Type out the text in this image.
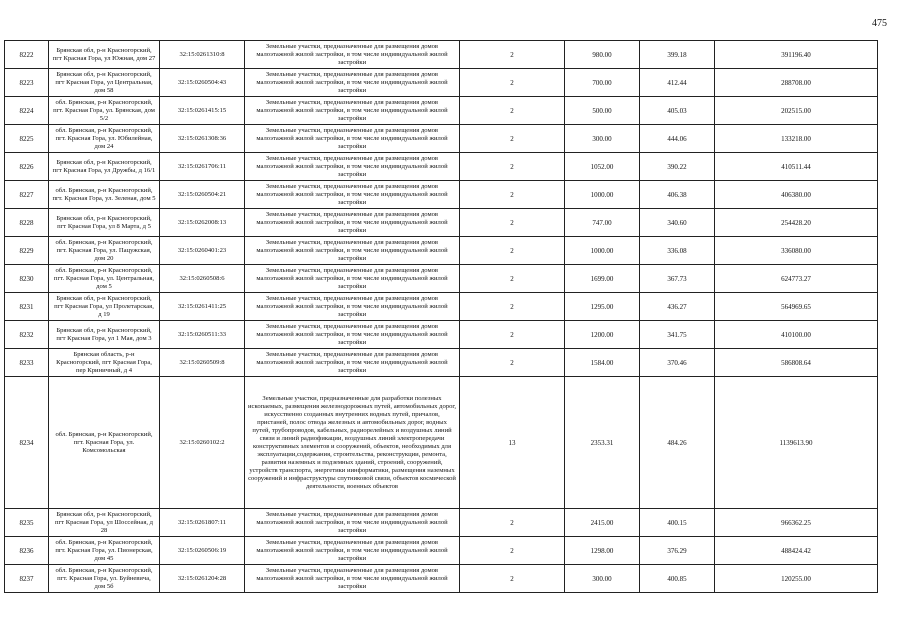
475
8222	Брянская обл, р-н Красногорский, пгт Красная Гора, ул Южная, дом 27	32:15:0261310:8	Земельные участки, предназначенные для размещения домов малоэтажной жилой застройки, в том числе индивидуальной жилой застройки	2	980.00	399.18	391196.40
8223	Брянская обл, р-н Красногорский, пгт Красная Гора, ул Центральная, дом 58	32:15:0260504:43	Земельные участки, предназначенные для размещения домов малоэтажной жилой застройки, в том числе индивидуальной жилой застройки	2	700.00	412.44	288708.00
8224	обл. Брянская, р-н Красногорский, пгт. Красная Гора, ул. Брянская, дом 5/2	32:15:0261415:15	Земельные участки, предназначенные для размещения домов малоэтажной жилой застройки, в том числе индивидуальной жилой застройки	2	500.00	405.03	202515.00
8225	обл. Брянская, р-н Красногорский, пгт. Красная Гора, ул. Юбилейная, дом 24	32:15:0261308:36	Земельные участки, предназначенные для размещения домов малоэтажной жилой застройки, в том числе индивидуальной жилой застройки	2	300.00	444.06	133218.00
8226	Брянская обл, р-н Красногорский, пгт Красная Гора, ул Дружбы, д 16/1	32:15:0261706:11	Земельные участки, предназначенные для размещения домов малоэтажной жилой застройки, в том числе индивидуальной жилой застройки	2	1052.00	390.22	410511.44
8227	обл. Брянская, р-н Красногорский, пгт. Красная Гора, ул. Зеленая, дом 5	32:15:0260504:21	Земельные участки, предназначенные для размещения домов малоэтажной жилой застройки, в том числе индивидуальной жилой застройки	2	1000.00	406.38	406380.00
8228	Брянская обл, р-н Красногорский, пгт Красная Гора, ул 8 Марта, д 5	32:15:0262008:13	Земельные участки, предназначенные для размещения домов малоэтажной жилой застройки, в том числе индивидуальной жилой застройки	2	747.00	340.60	254428.20
8229	обл. Брянская, р-н Красногорский, пгт. Красная Гора, ул. Пацужская, дом 20	32:15:0260401:23	Земельные участки, предназначенные для размещения домов малоэтажной жилой застройки, в том числе индивидуальной жилой застройки	2	1000.00	336.08	336080.00
8230	обл. Брянская, р-н Красногорский, пгт. Красная Гора, ул. Центральная, дом 5	32:15:0260508:6	Земельные участки, предназначенные для размещения домов малоэтажной жилой застройки, в том числе индивидуальной жилой застройки	2	1699.00	367.73	624773.27
8231	Брянская обл, р-н Красногорский, пгт Красная Гора, ул Пролетарская, д 19	32:15:0261411:25	Земельные участки, предназначенные для размещения домов малоэтажной жилой застройки, в том числе индивидуальной жилой застройки	2	1295.00	436.27	564969.65
8232	Брянская обл, р-н Красногорский, пгт Красная Гора, ул 1 Мая, дом 3	32:15:0260511:33	Земельные участки, предназначенные для размещения домов малоэтажной жилой застройки, в том числе индивидуальной жилой застройки	2	1200.00	341.75	410100.00
8233	Брянская область, р-н Красногорский, пгт Красная Гора, пер Криничный, д 4	32:15:0260509:8	Земельные участки, предназначенные для размещения домов малоэтажной жилой застройки, в том числе индивидуальной жилой застройки	2	1584.00	370.46	586808.64
8234	обл. Брянская, р-н Красногорский, пгт. Красная Гора, ул. Комсомольская	32:15:0260102:2	Земельные участки, предназначенные для разработки полезных ископаемых, размещения железнодорожных путей, автомобильных дорог, искусственно созданных внутренних водных путей, причалов, пристаней, полос отвода железных и автомобильных дорог, водных путей, трубопроводов, кабельных, радиорелейных и воздушных линий связи и линий радиофикации, воздушных линий электропередачи конструктивных элементов и сооружений, объектов, необходимых для эксплуатации,содержания, строительства, реконструкции, ремонта, развития наземных и подземных зданий, строений, сооружений, устройств транспорта, энергетики иинформатики, размещения наземных сооружений и инфраструктуры спутниковой связи, объектов космической деятельности, военных объектов	13	2353.31	484.26	1139613.90
8235	Брянская обл, р-н Красногорский, пгт Красная Гора, ул Шоссейная, д 28	32:15:0261807:11	Земельные участки, предназначенные для размещения домов малоэтажной жилой застройки, в том числе индивидуальной жилой застройки	2	2415.00	400.15	966362.25
8236	обл. Брянская, р-н Красногорский, пгт. Красная Гора, ул. Пионерская, дом 45	32:15:0260506:19	Земельные участки, предназначенные для размещения домов малоэтажной жилой застройки, в том числе индивидуальной жилой застройки	2	1298.00	376.29	488424.42
8237	обл. Брянская, р-н Красногорский, пгт. Красная Гора, ул. Буйневича, дом 5б	32:15:0261204:28	Земельные участки, предназначенные для размещения домов малоэтажной жилой застройки, в том числе индивидуальной жилой застройки	2	300.00	400.85	120255.00
